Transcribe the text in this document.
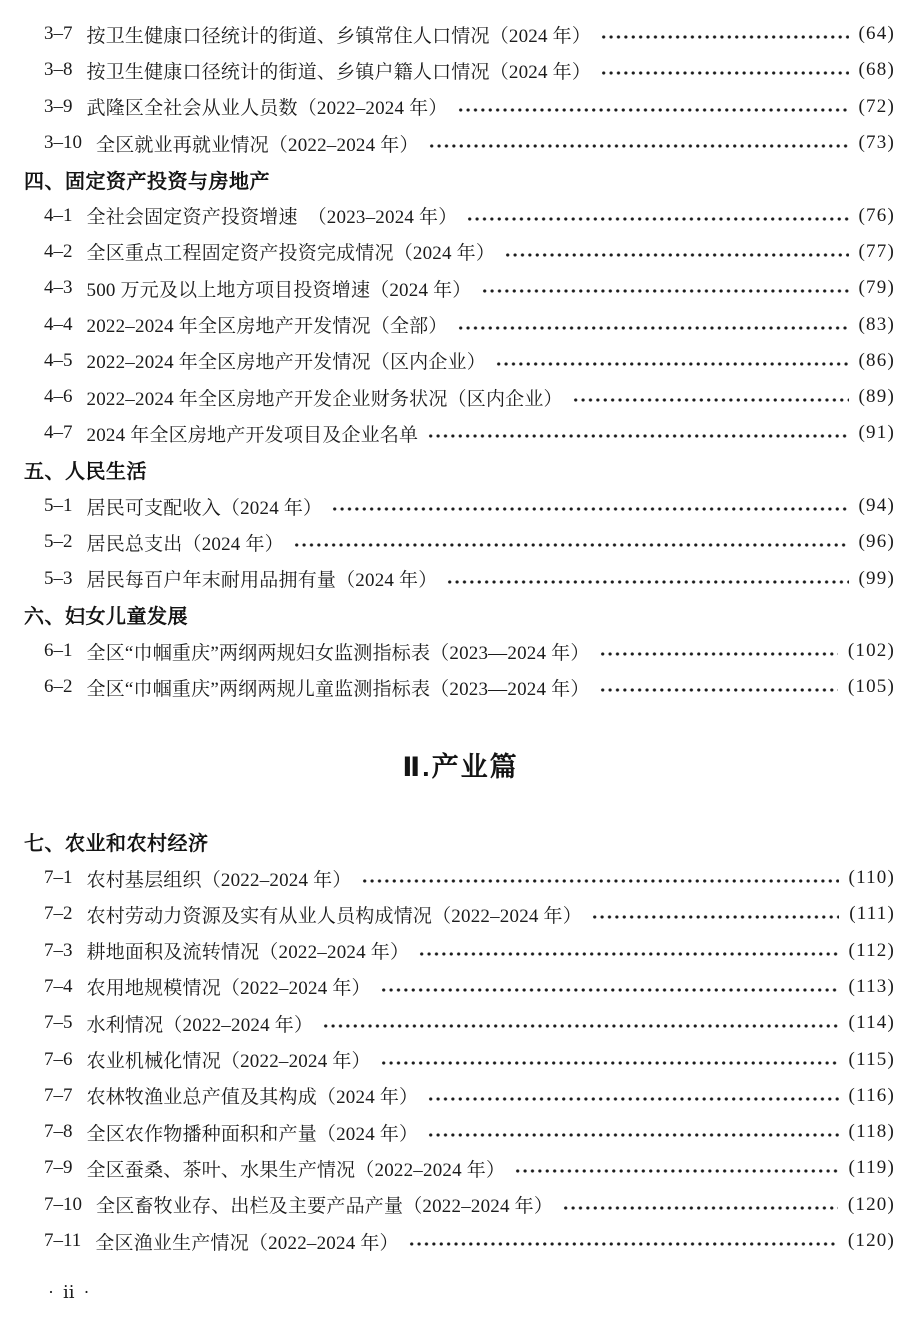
3–7 按卫生健康口径统计的街道、乡镇常住人口情况（2024 年）	(64)
3–8 按卫生健康口径统计的街道、乡镇户籍人口情况（2024 年）	(68)
3–9 武隆区全社会从业人员数（2022–2024 年）	(72)
3–10 全区就业再就业情况（2022–2024 年）	(73)
四、固定资产投资与房地产
4–1 全社会固定资产投资增速  （2023–2024 年）	(76)
4–2 全区重点工程固定资产投资完成情况（2024 年）	(77)
4–3 500 万元及以上地方项目投资增速（2024 年）	(79)
4–4 2022–2024 年全区房地产开发情况（全部）	(83)
4–5 2022–2024 年全区房地产开发情况（区内企业）	(86)
4–6 2022–2024 年全区房地产开发企业财务状况（区内企业）	(89)
4–7 2024 年全区房地产开发项目及企业名单	(91)
五、人民生活
5–1 居民可支配收入（2024 年）	(94)
5–2 居民总支出（2024 年）	(96)
5–3 居民每百户年末耐用品拥有量（2024 年）	(99)
六、妇女儿童发展
6–1 全区“巾帼重庆”两纲两规妇女监测指标表（2023—2024 年）	(102)
6–2 全区“巾帼重庆”两纲两规儿童监测指标表（2023—2024 年）	(105)
Ⅱ.产业篇
七、农业和农村经济
7–1 农村基层组织（2022–2024 年）	(110)
7–2 农村劳动力资源及实有从业人员构成情况（2022–2024 年）	(111)
7–3 耕地面积及流转情况（2022–2024 年）	(112)
7–4 农用地规模情况（2022–2024 年）	(113)
7–5 水利情况（2022–2024 年）	(114)
7–6 农业机械化情况（2022–2024 年）	(115)
7–7 农林牧渔业总产值及其构成（2024 年）	(116)
7–8 全区农作物播种面积和产量（2024 年）	(118)
7–9 全区蚕桑、茶叶、水果生产情况（2022–2024 年）	(119)
7–10 全区畜牧业存、出栏及主要产品产量（2022–2024 年）	(120)
7–11 全区渔业生产情况（2022–2024 年）	(120)

·  ⅱ  ·
